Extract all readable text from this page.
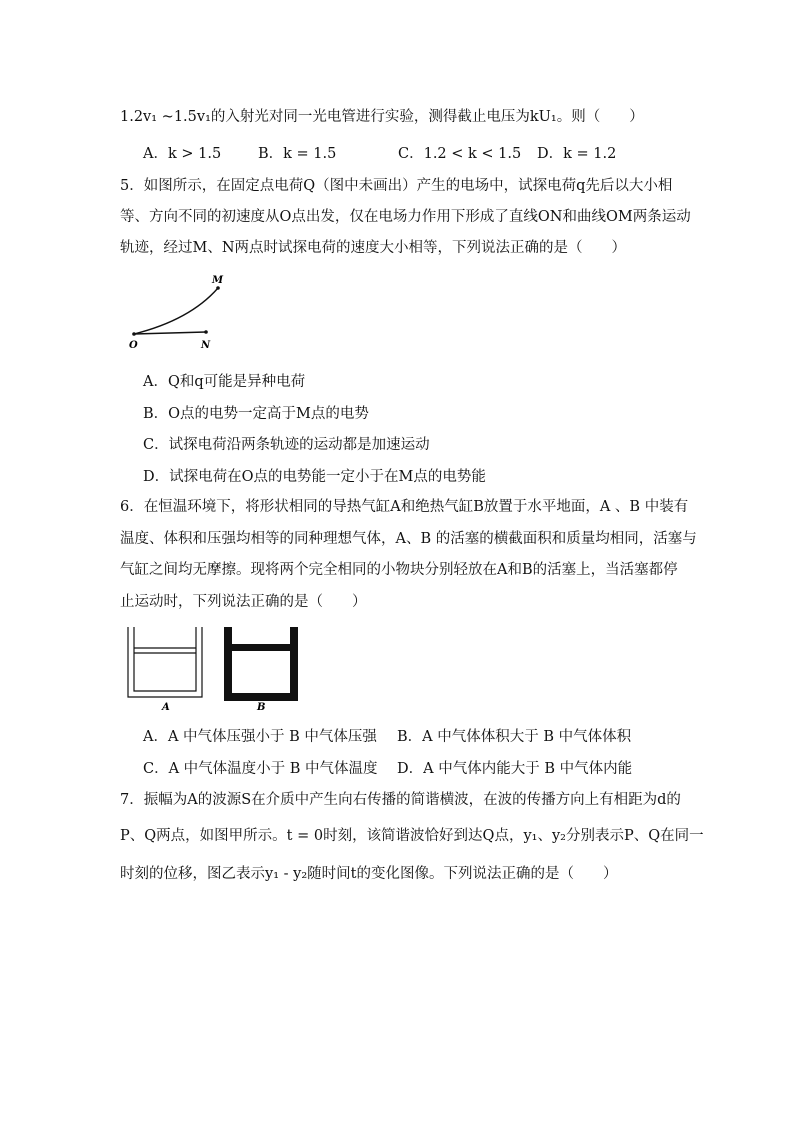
1.2v₁ ~1.5v₁的入射光对同一光电管进行实验，测得截止电压为kU₁。则（　　）
A．k > 1.5	B．k = 1.5	C．1.2 < k < 1.5 D．k = 1.2
5．如图所示，在固定点电荷Q（图中未画出）产生的电场中，试探电荷q先后以大小相
等、方向不同的初速度从O点出发，仅在电场力作用下形成了直线ON和曲线OM两条运动
轨迹，经过M、N两点时试探电荷的速度大小相等，下列说法正确的是（　　）
M
O	N
A．Q和q可能是异种电荷
B．O点的电势一定高于M点的电势
C．试探电荷沿两条轨迹的运动都是加速运动
D．试探电荷在O点的电势能一定小于在M点的电势能
6．在恒温环境下，将形状相同的导热气缸A和绝热气缸B放置于水平地面，A 、B 中装有
温度、体积和压强均相等的同种理想气体，A、B 的活塞的横截面积和质量均相同，活塞与
气缸之间均无摩擦。现将两个完全相同的小物块分别轻放在A和B的活塞上，当活塞都停
止运动时，下列说法正确的是（　　）
A	B
A．A 中气体压强小于 B 中气体压强 B．A 中气体体积大于 B 中气体体积
C．A 中气体温度小于 B 中气体温度 D．A 中气体内能大于 B 中气体内能
7．振幅为A的波源S在介质中产生向右传播的简谐横波，在波的传播方向上有相距为d的
P、Q两点，如图甲所示。t = 0时刻，该简谐波恰好到达Q点，y₁、y₂分别表示P、Q在同一
时刻的位移，图乙表示y₁ - y₂随时间t的变化图像。下列说法正确的是（　　）
